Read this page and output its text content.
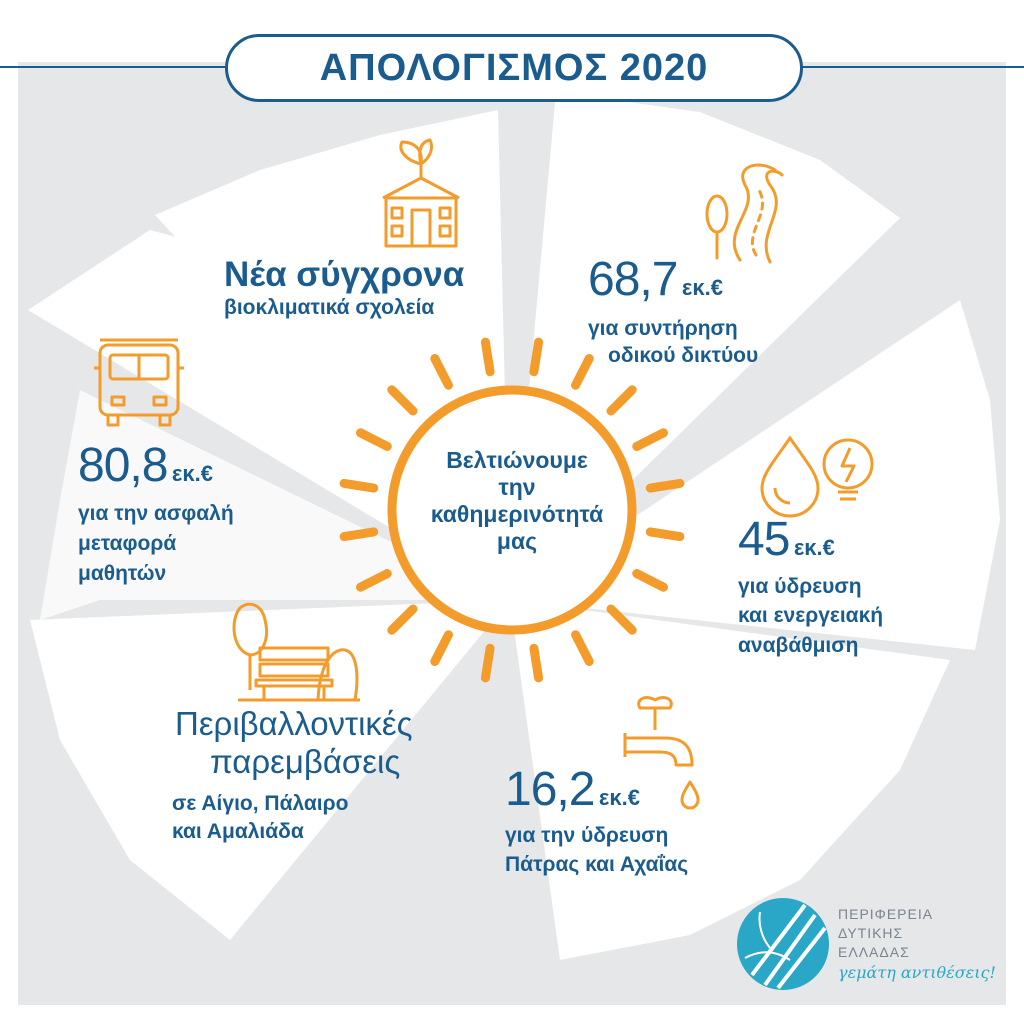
ΑΠΟΛΟΓΙΣΜΟΣ 2020
Βελτιώνουμε
την
καθημερινότητά
μας
Νέα σύγχρονα
βιοκλιματικά σχολεία
68,7 εκ.€
για συντήρηση
οδικού δικτύου
80,8 εκ.€
για την ασφαλή
μεταφορά
μαθητών
45 εκ.€
για ύδρευση
και ενεργειακή
αναβάθμιση
Περιβαλλοντικές
παρεμβάσεις
σε Αίγιο, Πάλαιρο
και Αμαλιάδα
16,2 εκ.€
για την ύδρευση
Πάτρας και Αχαΐας
ΠΕΡΙΦΕΡΕΙΑ
ΔΥΤΙΚΗΣ
ΕΛΛΑΔΑΣ
γεμάτη αντιθέσεις!
